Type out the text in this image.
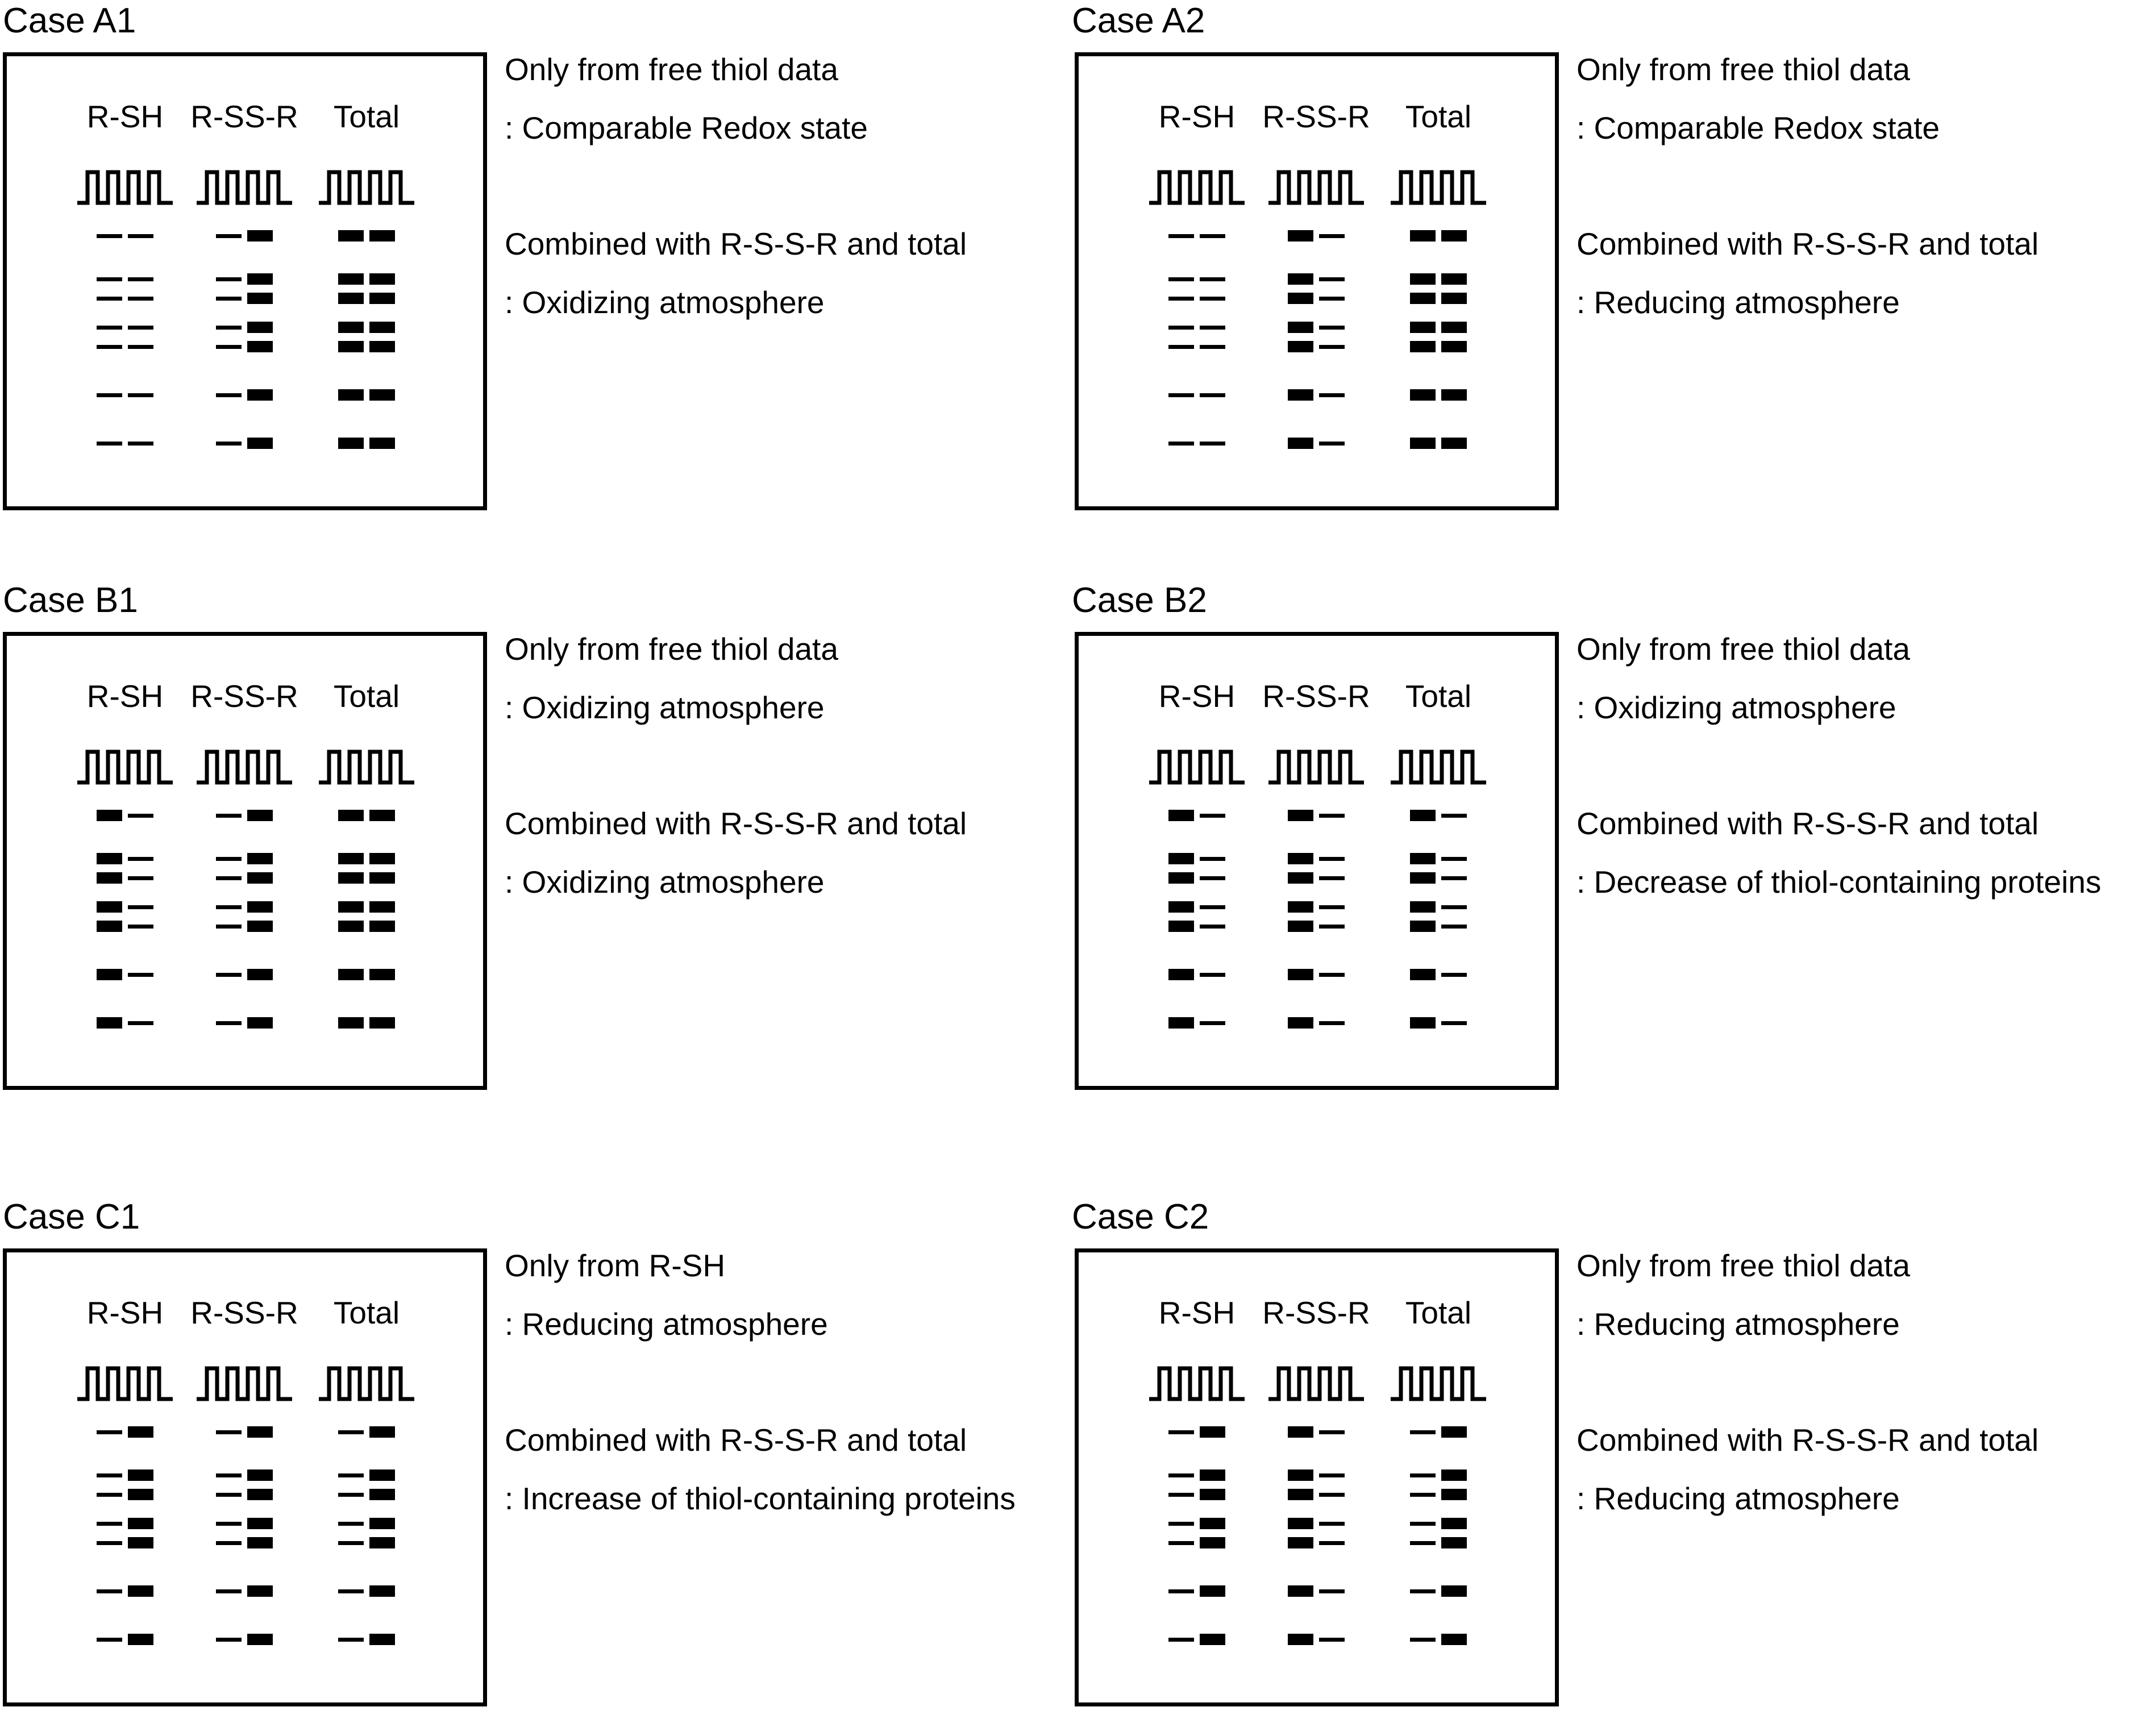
Case A1
R-SH R-SS-R	Total
Only from free thiol data
: Comparable Redox state
Combined with R-S-S-R and total
: Oxidizing atmosphere
Case A2
R-SH R-SS-R	Total
Only from free thiol data
: Comparable Redox state
Combined with R-S-S-R and total
: Reducing atmosphere
Case B1
R-SH R-SS-R	Total
Only from free thiol data
: Oxidizing atmosphere
Combined with R-S-S-R and total
: Oxidizing atmosphere
Case B2
R-SH R-SS-R	Total
Only from free thiol data
: Oxidizing atmosphere
Combined with R-S-S-R and total
: Decrease of thiol-containing proteins
Case C1
R-SH R-SS-R	Total
Only from R-SH
: Reducing atmosphere
Combined with R-S-S-R and total
: Increase of thiol-containing proteins
Case C2
R-SH R-SS-R	Total
Only from free thiol data
: Reducing atmosphere
Combined with R-S-S-R and total
: Reducing atmosphere
